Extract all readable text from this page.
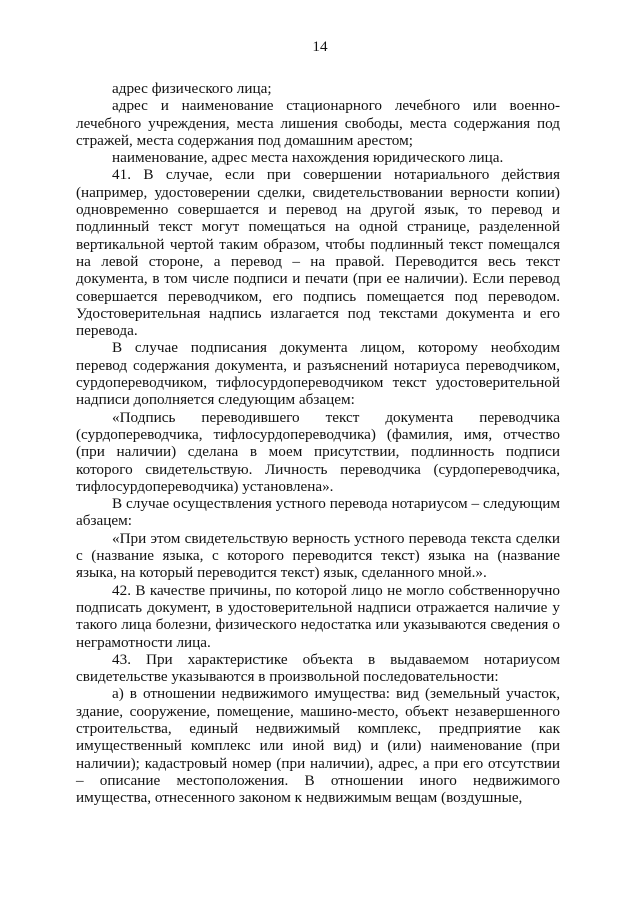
14

адрес физического лица;

адрес и наименование стационарного лечебного или военно-лечебного учреждения, места лишения свободы, места содержания под стражей, места содержания под домашним арестом;

наименование, адрес места нахождения юридического лица.

41. В случае, если при совершении нотариального действия (например, удостоверении сделки, свидетельствовании верности копии) одновременно совершается и перевод на другой язык, то перевод и подлинный текст могут помещаться на одной странице, разделенной вертикальной чертой таким образом, чтобы подлинный текст помещался на левой стороне, а перевод – на правой. Переводится весь текст документа, в том числе подписи и печати (при ее наличии). Если перевод совершается переводчиком, его подпись помещается под переводом. Удостоверительная надпись излагается под текстами документа и его перевода.

В случае подписания документа лицом, которому необходим перевод содержания документа, и разъяснений нотариуса переводчиком, сурдопереводчиком, тифлосурдопереводчиком текст удостоверительной надписи дополняется следующим абзацем:

«Подпись переводившего текст документа переводчика (сурдопереводчика, тифлосурдопереводчика) (фамилия, имя, отчество (при наличии) сделана в моем присутствии, подлинность подписи которого свидетельствую. Личность переводчика (сурдопереводчика, тифлосурдопереводчика) установлена».

В случае осуществления устного перевода нотариусом – следующим абзацем:

«При этом свидетельствую верность устного перевода текста сделки с (название языка, с которого переводится текст) языка на (название языка, на который переводится текст) язык, сделанного мной.».

42. В качестве причины, по которой лицо не могло собственноручно подписать документ, в удостоверительной надписи отражается наличие у такого лица болезни, физического недостатка или указываются сведения о неграмотности лица.

43. При характеристике объекта в выдаваемом нотариусом свидетельстве указываются в произвольной последовательности:

а) в отношении недвижимого имущества: вид (земельный участок, здание, сооружение, помещение, машино-место, объект незавершенного строительства, единый недвижимый комплекс, предприятие как имущественный комплекс или иной вид) и (или) наименование (при наличии); кадастровый номер (при наличии), адрес, а при его отсутствии – описание местоположения. В отношении иного недвижимого имущества, отнесенного законом к недвижимым вещам (воздушные,
